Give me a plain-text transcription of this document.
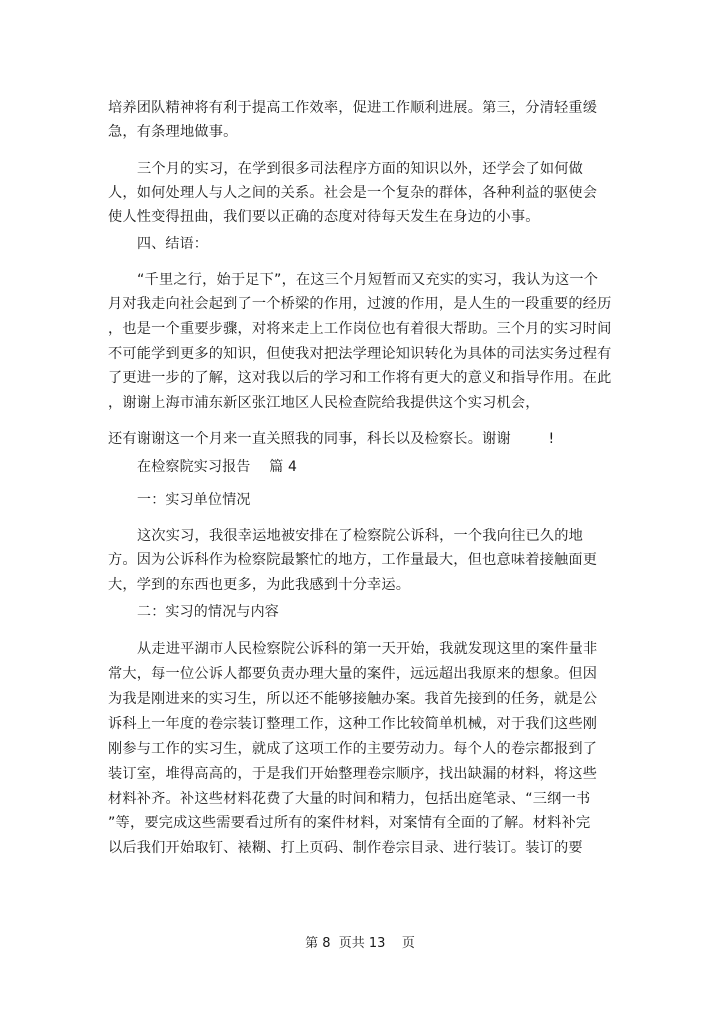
培养团队精神将有利于提高工作效率，促进工作顺利进展。第三，分清轻重缓
急，有条理地做事。
三个月的实习，在学到很多司法程序方面的知识以外，还学会了如何做
人，如何处理人与人之间的关系。社会是一个复杂的群体，各种利益的驱使会
使人性变得扭曲，我们要以正确的态度对待每天发生在身边的小事。
四、结语：
“千里之行，始于足下”，在这三个月短暂而又充实的实习，我认为这一个
月对我走向社会起到了一个桥梁的作用，过渡的作用，是人生的一段重要的经历
，也是一个重要步骤，对将来走上工作岗位也有着很大帮助。三个月的实习时间
不可能学到更多的知识，但使我对把法学理论知识转化为具体的司法实务过程有
了更进一步的了解，这对我以后的学习和工作将有更大的意义和指导作用。在此
，谢谢上海市浦东新区张江地区人民检查院给我提供这个实习机会，
还有谢谢这一个月来一直关照我的同事，科长以及检察长。谢谢        !
在检察院实习报告    篇 4
一：实习单位情况
这次实习，我很幸运地被安排在了检察院公诉科，一个我向往已久的地
方。因为公诉科作为检察院最繁忙的地方，工作量最大，但也意味着接触面更
大，学到的东西也更多，为此我感到十分幸运。
二：实习的情况与内容
从走进平湖市人民检察院公诉科的第一天开始，我就发现这里的案件量非
常大，每一位公诉人都要负责办理大量的案件，远远超出我原来的想象。但因
为我是刚进来的实习生，所以还不能够接触办案。我首先接到的任务，就是公
诉科上一年度的卷宗装订整理工作，这种工作比较简单机械，对于我们这些刚
刚参与工作的实习生，就成了这项工作的主要劳动力。每个人的卷宗都报到了
装订室，堆得高高的，于是我们开始整理卷宗顺序，找出缺漏的材料，将这些
材料补齐。补这些材料花费了大量的时间和精力，包括出庭笔录、“三纲一书
”等，要完成这些需要看过所有的案件材料，对案情有全面的了解。材料补完
以后我们开始取钉、裱糊、打上页码、制作卷宗目录、进行装订。装订的要
第 8  页共 13    页
